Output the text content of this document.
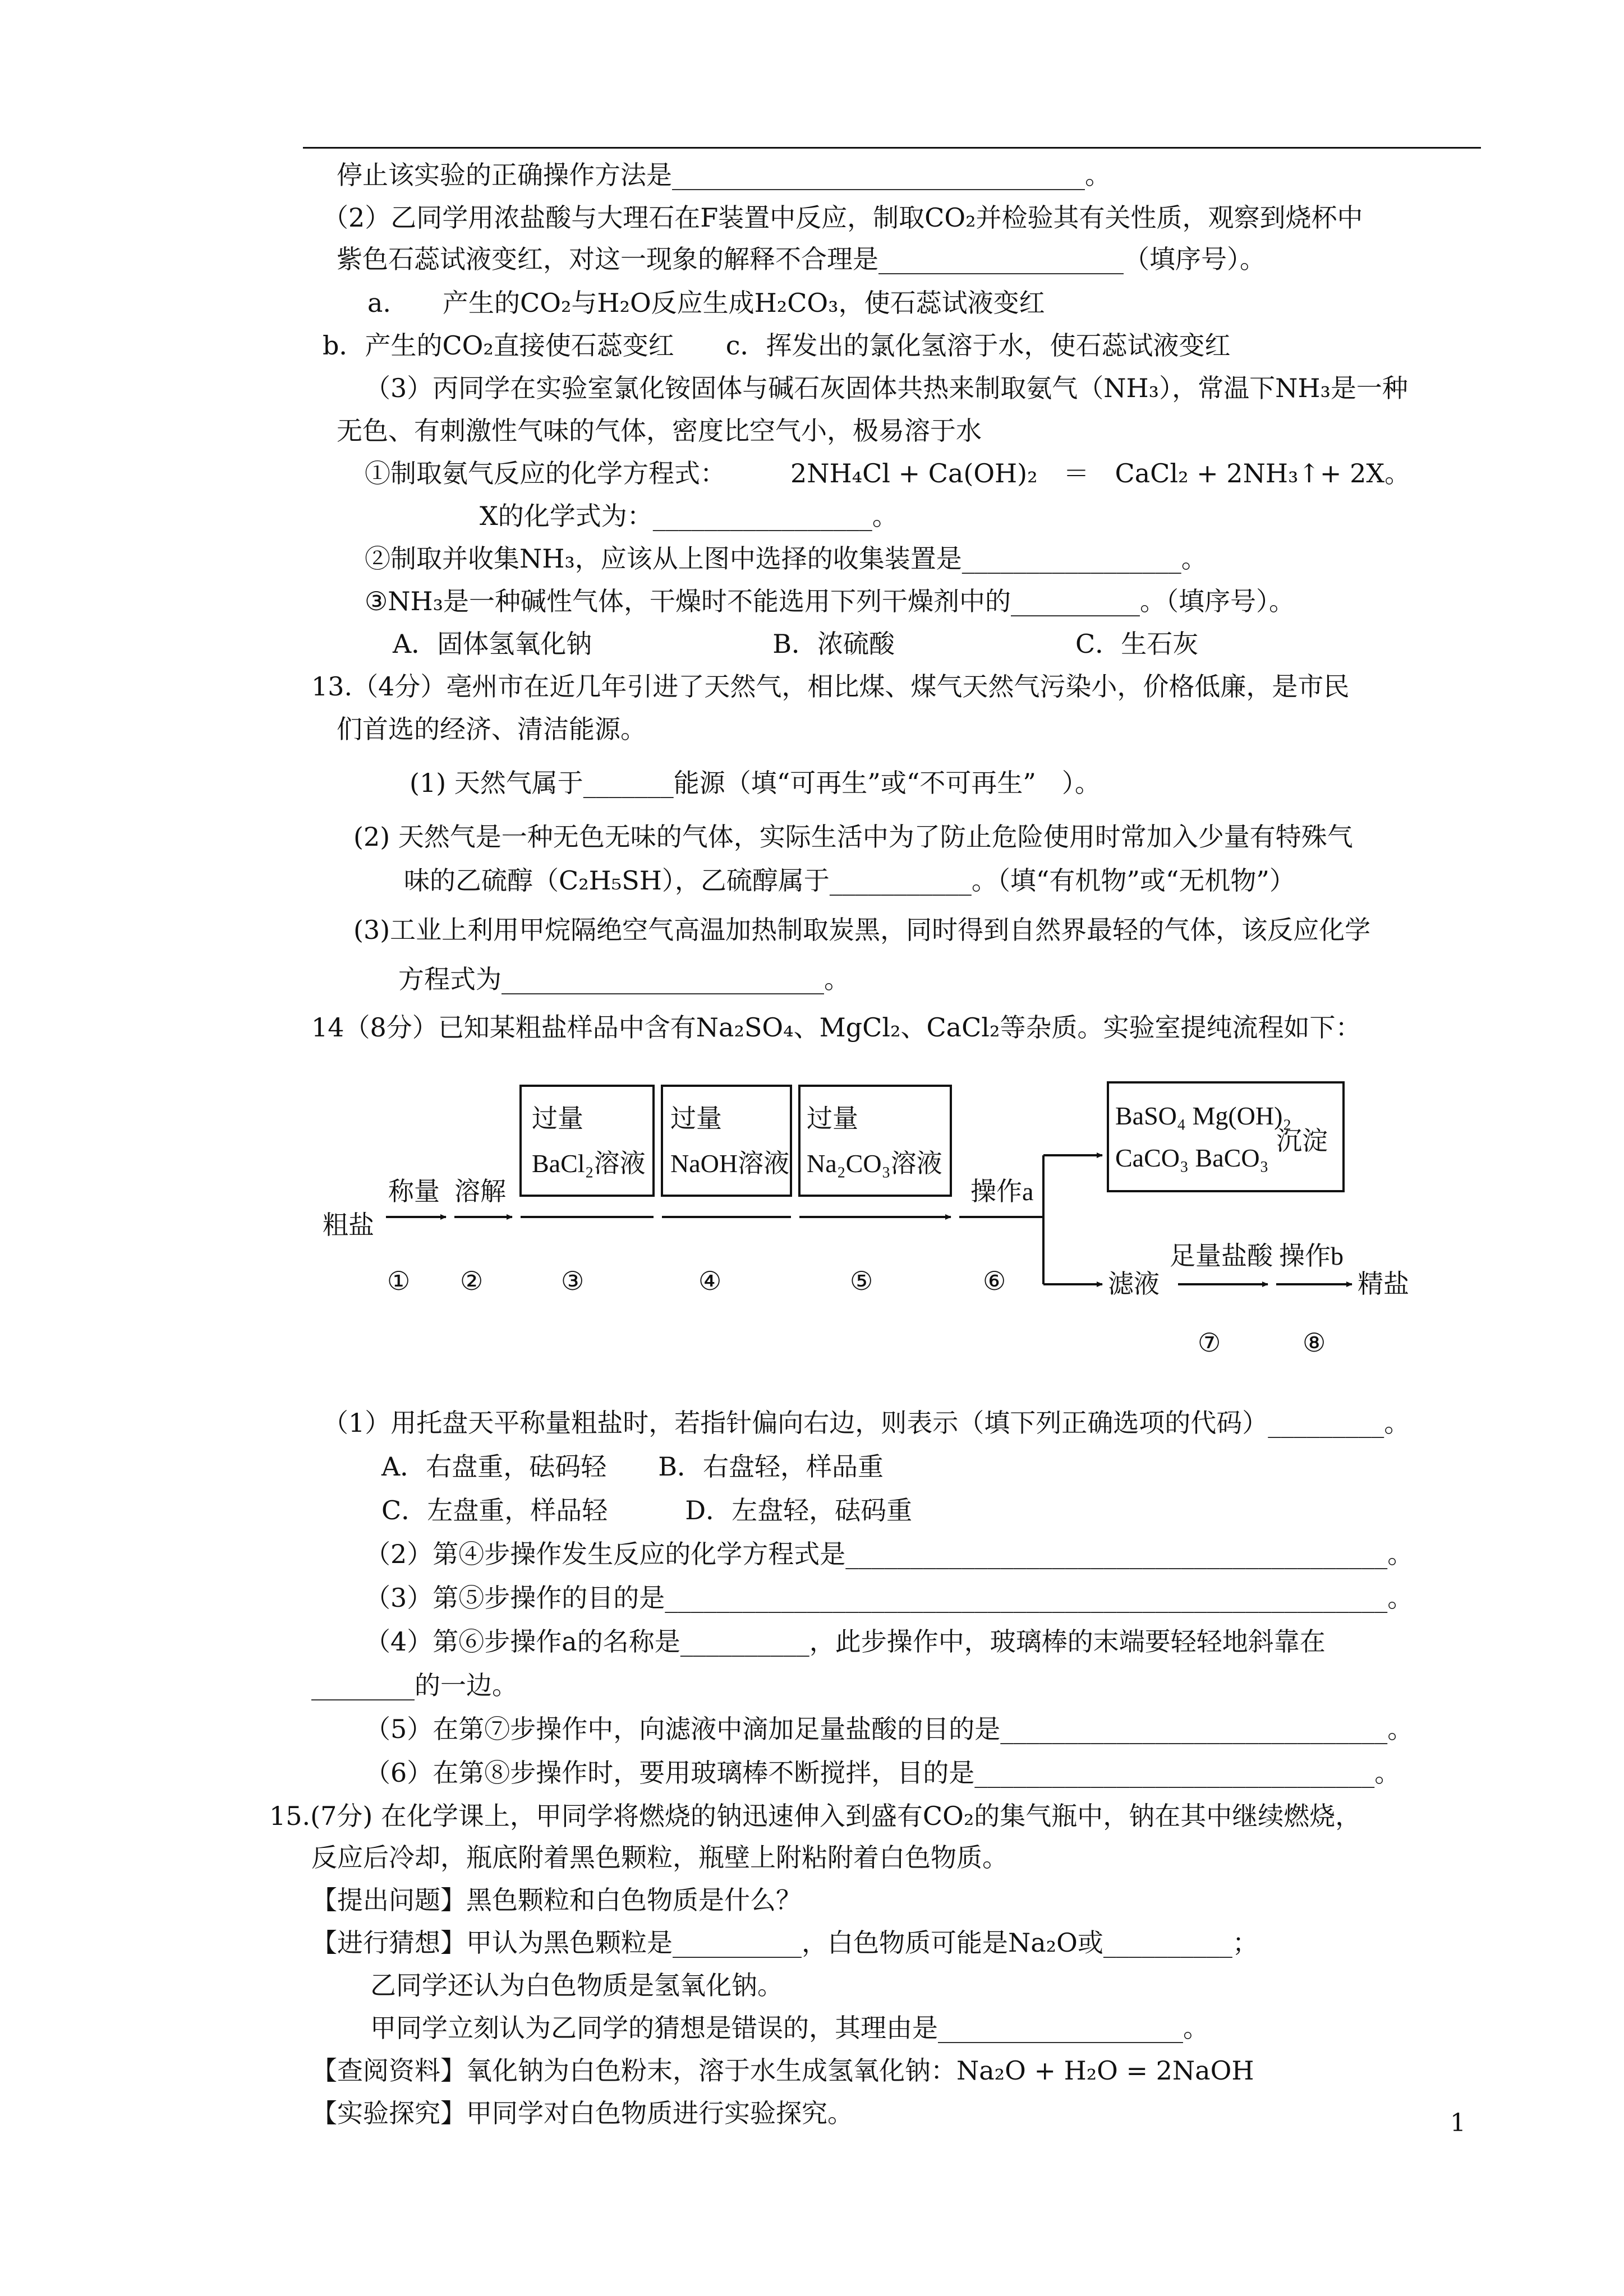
停止该实验的正确操作方法是________________________________。
（2）乙同学用浓盐酸与大理石在F装置中反应，制取CO₂并检验其有关性质，观察到烧杯中
紫色石蕊试液变红，对这一现象的解释不合理是___________________（填序号）。
a.　　产生的CO₂与H₂O反应生成H₂CO₃，使石蕊试液变红
b．产生的CO₂直接使石蕊变红　　c．挥发出的氯化氢溶于水，使石蕊试液变红
（3）丙同学在实验室氯化铵固体与碱石灰固体共热来制取氨气（NH₃），常温下NH₃是一种
无色、有刺激性气味的气体，密度比空气小，极易溶于水
①制取氨气反应的化学方程式：　　　2NH₄Cl + Ca(OH)₂　＝　CaCl₂ + 2NH₃↑+ 2X。
X的化学式为：_________________。
②制取并收集NH₃，应该从上图中选择的收集装置是_________________。
③NH₃是一种碱性气体，干燥时不能选用下列干燥剂中的__________。（填序号）。
A．固体氢氧化钠　　　　　　　B．浓硫酸　　　　　　　C．生石灰
13.（4分）亳州市在近几年引进了天然气，相比煤、煤气天然气污染小，价格低廉，是市民
们首选的经济、清洁能源。
(1) 天然气属于_______能源（填“可再生”或“不可再生”　）。
(2) 天然气是一种无色无味的气体，实际生活中为了防止危险使用时常加入少量有特殊气
味的乙硫醇（C₂H₅SH），乙硫醇属于___________。（填“有机物”或“无机物”）
(3)工业上利用甲烷隔绝空气高温加热制取炭黑，同时得到自然界最轻的气体，该反应化学
方程式为_________________________。
14（8分）已知某粗盐样品中含有Na₂SO₄、MgCl₂、CaCl₂等杂质。实验室提纯流程如下：
粗盐
称量 溶解
过量
BaCl₂溶液
过量
NaOH溶液
过量
Na₂CO₃溶液
操作a
BaSO₄ Mg(OH)₂
CaCO₃ BaCO₃
沉淀
滤液
足量盐酸 操作b
精盐
① ②	③	④	⑤	⑥
⑦	⑧
（1）用托盘天平称量粗盐时，若指针偏向右边，则表示（填下列正确选项的代码）_________。
A．右盘重，砝码轻　　B．右盘轻，样品重
C．左盘重，样品轻　　　D．左盘轻，砝码重
（2）第④步操作发生反应的化学方程式是__________________________________________。
（3）第⑤步操作的目的是________________________________________________________。
（4）第⑥步操作a的名称是__________，此步操作中，玻璃棒的末端要轻轻地斜靠在
________的一边。
（5）在第⑦步操作中，向滤液中滴加足量盐酸的目的是______________________________。
（6）在第⑧步操作时，要用玻璃棒不断搅拌，目的是_______________________________。
15.(7分) 在化学课上，甲同学将燃烧的钠迅速伸入到盛有CO₂的集气瓶中，钠在其中继续燃烧，
反应后冷却，瓶底附着黑色颗粒，瓶壁上附粘附着白色物质。
【提出问题】黑色颗粒和白色物质是什么？
【进行猜想】甲认为黑色颗粒是__________，白色物质可能是Na₂O或__________；
乙同学还认为白色物质是氢氧化钠。
甲同学立刻认为乙同学的猜想是错误的，其理由是___________________。
【查阅资料】氧化钠为白色粉末，溶于水生成氢氧化钠：Na₂O + H₂O = 2NaOH
【实验探究】甲同学对白色物质进行实验探究。	1
